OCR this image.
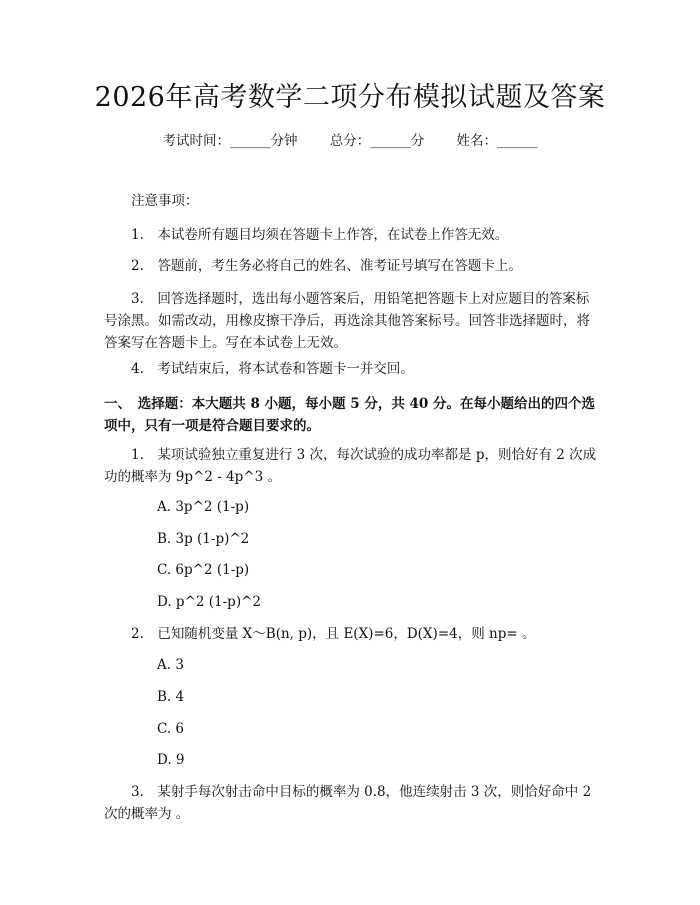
2026年高考数学二项分布模拟试题及答案
考试时间：______分钟 总分：______分 姓名：______
注意事项：
1.　本试卷所有题目均须在答题卡上作答，在试卷上作答无效。
2.　答题前，考生务必将自己的姓名、准考证号填写在答题卡上。
3.　回答选择题时，选出每小题答案后，用铅笔把答题卡上对应题目的答案标
号涂黑。如需改动，用橡皮擦干净后，再选涂其他答案标号。回答非选择题时，将
答案写在答题卡上。写在本试卷上无效。
4.　考试结束后，将本试卷和答题卡一并交回。
一、　选择题：本大题共 8 小题，每小题 5 分，共 40 分。在每小题给出的四个选
项中，只有一项是符合题目要求的。
1.　某项试验独立重复进行 3 次，每次试验的成功率都是 p，则恰好有 2 次成
功的概率为 9p^2 - 4p^3 。
A. 3p^2 (1-p)
B. 3p (1-p)^2
C. 6p^2 (1-p)
D. p^2 (1-p)^2
2.　已知随机变量 X～B(n, p)，且 E(X)=6，D(X)=4，则 np= 。
A. 3
B. 4
C. 6
D. 9
3.　某射手每次射击命中目标的概率为 0.8，他连续射击 3 次，则恰好命中 2
次的概率为 。
